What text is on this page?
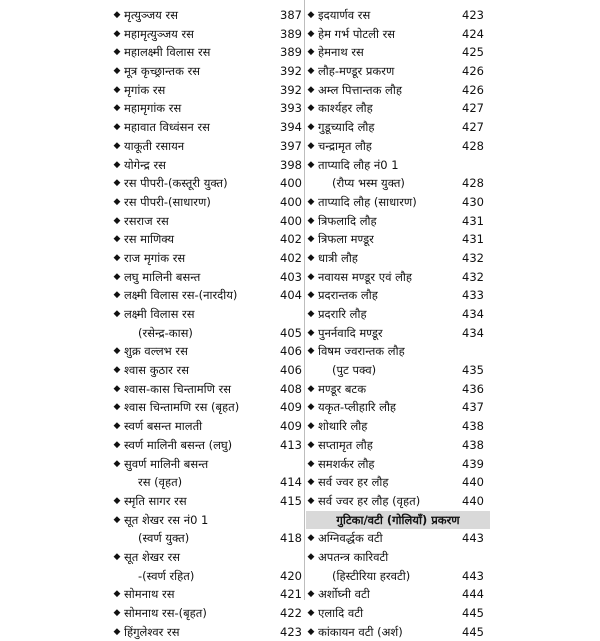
◆ मृत्युञ्जय रस	387
◆ महामृत्युञ्जय रस	389
◆ महालक्ष्मी विलास रस	389
◆ मूत्र कृच्छ्रान्तक रस	392
◆ मृगांक रस	392
◆ महामृगांक रस	393
◆ महावात विध्वंसन रस	394
◆ याकूती रसायन	397
◆ योगेन्द्र रस	398
◆ रस पीपरी-(कस्तूरी युक्त)	400
◆ रस पीपरी-(साधारण)	400
◆ रसराज रस	400
◆ रस माणिक्य	402
◆ राज मृगांक रस	402
◆ लघु मालिनी बसन्त	403
◆ लक्ष्मी विलास रस-(नारदीय)	404
◆ लक्ष्मी विलास रस
(रसेन्द्र-कास)	405
◆ शुक्र वल्लभ रस	406
◆ श्वास कुठार रस	406
◆ श्वास-कास चिन्तामणि रस	408
◆ श्वास चिन्तामणि रस (बृहत)	409
◆ स्वर्ण बसन्त मालती	409
◆ स्वर्ण मालिनी बसन्त (लघु)	413
◆ सुवर्ण मालिनी बसन्त
रस (वृहत)	414
◆ स्मृति सागर रस	415
◆ सूत शेखर रस नं0 1
(स्वर्ण युक्त)	418
◆ सूत शेखर रस
-(स्वर्ण रहित)	420
◆ सोमनाथ रस	421
◆ सोमनाथ रस-(बृहत)	422
◆ हिंगुलेश्वर रस	423
◆ इदयार्णव रस	423
◆ हेम गर्भ पोटली रस	424
◆ हेमनाथ रस	425
◆ लौह-मण्डूर प्रकरण	426
◆ अम्ल पित्तान्तक लौह	426
◆ कार्श्यहर लौह	427
◆ गुडूच्यादि लौह	427
◆ चन्द्रामृत लौह	428
◆ ताप्यादि लौह नं0 1
(रौप्य भस्म युक्त)	428
◆ ताप्यादि लौह (साधारण)	430
◆ त्रिफलादि लौह	431
◆ त्रिफला मण्डूर	431
◆ धात्री लौह	432
◆ नवायस मण्डूर एवं लौह	432
◆ प्रदरान्तक लौह	433
◆ प्रदरारि लौह	434
◆ पुनर्नवादि मण्डूर	434
◆ विषम ज्वरान्तक लौह
(पुट पक्व)	435
◆ मण्डूर बटक	436
◆ यकृत-प्लीहारि लौह	437
◆ शोथारि लौह	438
◆ सप्तामृत लौह	438
◆ समशर्कर लौह	439
◆ सर्व ज्वर हर लौह	440
◆ सर्व ज्वर हर लौह (वृहत)	440
गुटिका/वटी (गोलियाँ) प्रकरण
◆ अग्निवर्द्धक वटी	443
◆ अपतन्त्र कारिवटी
(हिस्टीरिया हरवटी)	443
◆ अर्शोघ्नी वटी	444
◆ एलादि वटी	445
◆ कांकायन वटी (अर्श)	445
